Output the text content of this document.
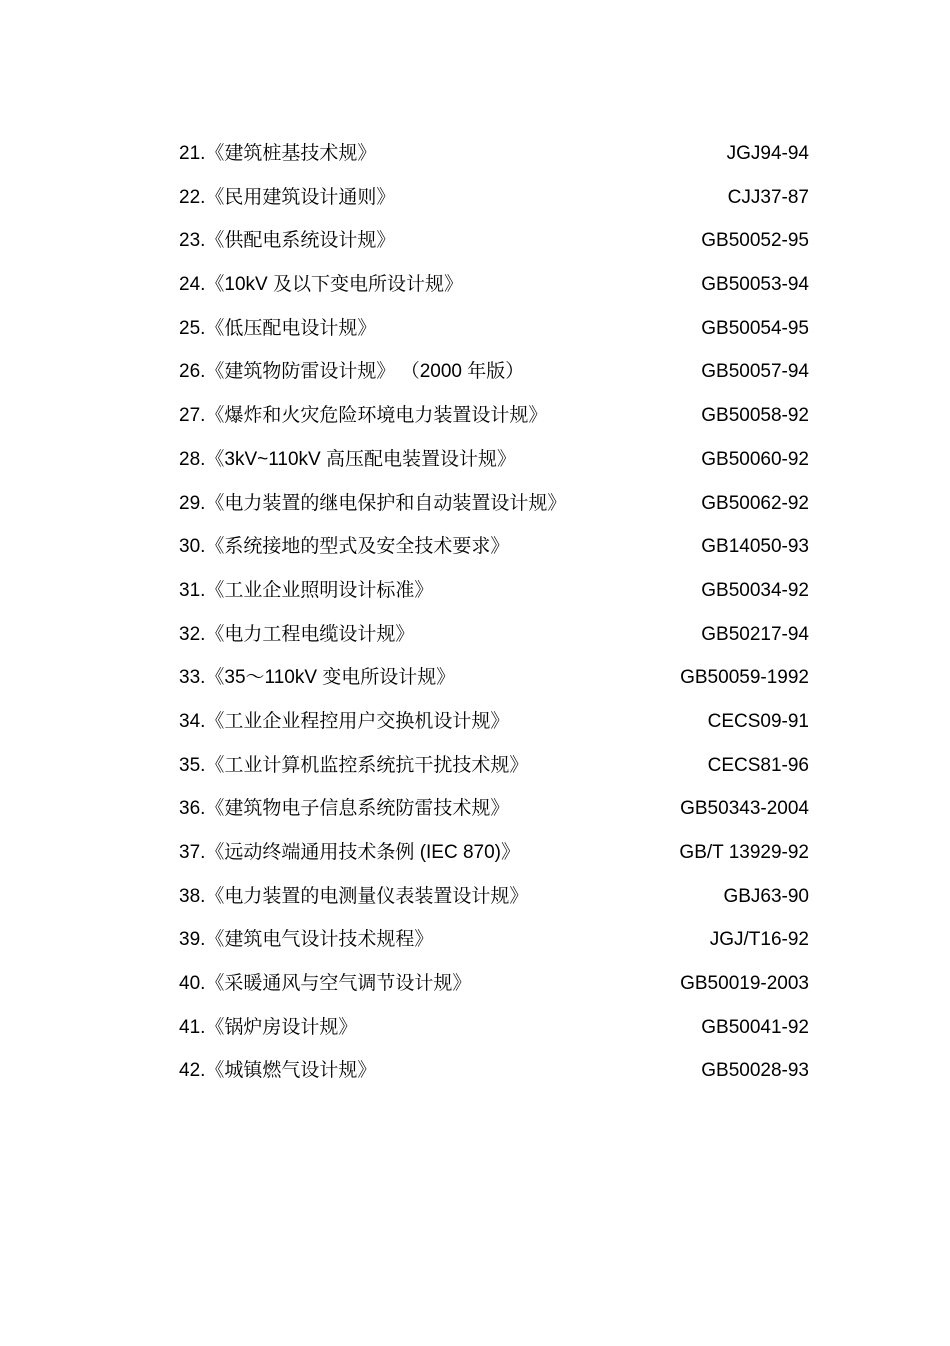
21.《建筑桩基技术规》	JGJ94-94
22.《民用建筑设计通则》	CJJ37-87
23.《供配电系统设计规》	GB50052-95
24.《10kV 及以下变电所设计规》	GB50053-94
25.《低压配电设计规》	GB50054-95
26.《建筑物防雷设计规》 （2000 年版）	GB50057-94
27.《爆炸和火灾危险环境电力装置设计规》	GB50058-92
28.《3kV~110kV 高压配电装置设计规》	GB50060-92
29.《电力装置的继电保护和自动装置设计规》	GB50062-92
30.《系统接地的型式及安全技术要求》	GB14050-93
31.《工业企业照明设计标准》	GB50034-92
32.《电力工程电缆设计规》	GB50217-94
33.《35～110kV 变电所设计规》	GB50059-1992
34.《工业企业程控用户交换机设计规》	CECS09-91
35.《工业计算机监控系统抗干扰技术规》	CECS81-96
36.《建筑物电子信息系统防雷技术规》	GB50343-2004
37.《远动终端通用技术条例 (IEC 870)》	GB/T 13929-92
38.《电力装置的电测量仪表装置设计规》	GBJ63-90
39.《建筑电气设计技术规程》	JGJ/T16-92
40.《采暖通风与空气调节设计规》	GB50019-2003
41.《锅炉房设计规》	GB50041-92
42.《城镇燃气设计规》	GB50028-93
